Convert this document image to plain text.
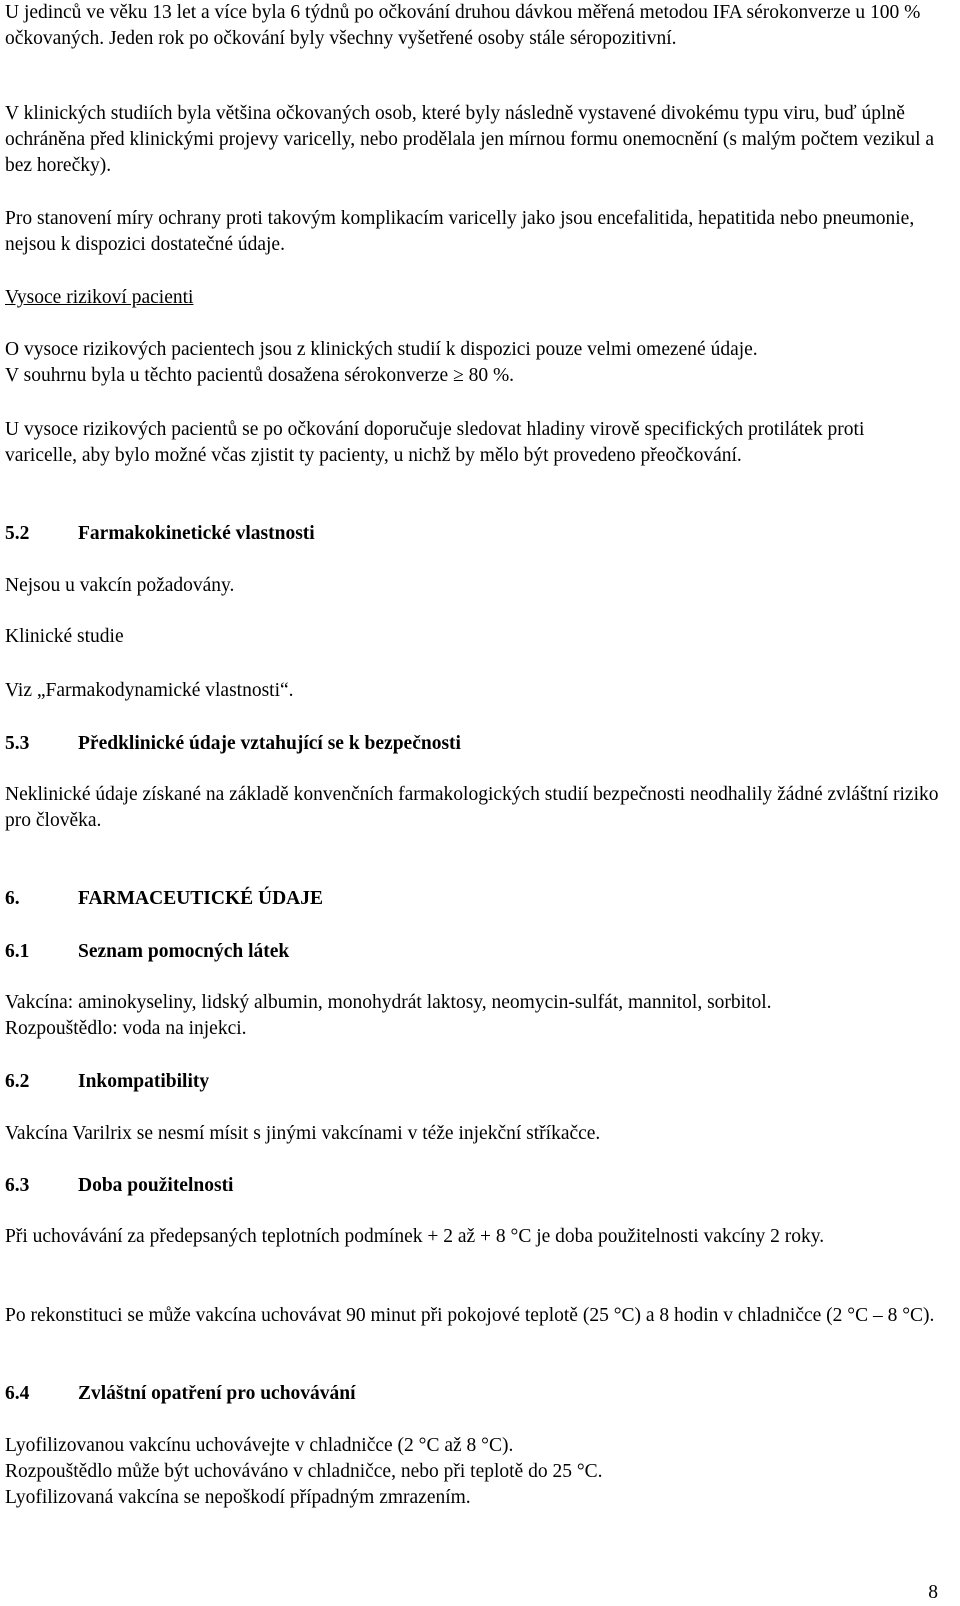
U jedinců ve věku 13 let a více byla 6 týdnů po očkování druhou dávkou měřená metodou IFA sérokonverze u 100 % očkovaných. Jeden rok po očkování byly všechny vyšetřené osoby stále séropozitivní.

V klinických studiích byla většina očkovaných osob, které byly následně vystavené divokému typu viru, buď úplně ochráněna před klinickými projevy varicelly, nebo prodělala jen mírnou formu onemocnění (s malým počtem vezikul a bez horečky).

Pro stanovení míry ochrany proti takovým komplikacím varicelly jako jsou encefalitida, hepatitida nebo pneumonie, nejsou k dispozici dostatečné údaje.

Vysoce rizikoví pacienti

O vysoce rizikových pacientech jsou z klinických studií k dispozici pouze velmi omezené údaje.

V souhrnu byla u těchto pacientů dosažena sérokonverze ≥ 80 %.

U vysoce rizikových pacientů se po očkování doporučuje sledovat hladiny virově specifických protilátek proti varicelle, aby bylo možné včas zjistit ty pacienty, u nichž by mělo být provedeno přeočkování.

5.2 Farmakokinetické vlastnosti

Nejsou u vakcín požadovány.

Klinické studie

Viz „Farmakodynamické vlastnosti“.

5.3 Předklinické údaje vztahující se k bezpečnosti

Neklinické údaje získané na základě konvenčních farmakologických studií bezpečnosti neodhalily žádné zvláštní riziko pro člověka.

6.	FARMACEUTICKÉ ÚDAJE
6.1 Seznam pomocných látek

Vakcína: aminokyseliny, lidský albumin, monohydrát laktosy, neomycin-sulfát, mannitol, sorbitol.

Rozpouštědlo: voda na injekci.

6.2 Inkompatibility

Vakcína Varilrix se nesmí mísit s jinými vakcínami v téže injekční stříkačce.

6.3 Doba použitelnosti

Při uchovávání za předepsaných teplotních podmínek + 2 až + 8 °C je doba použitelnosti vakcíny 2 roky.

Po rekonstituci se může vakcína uchovávat 90 minut při pokojové teplotě (25 °C) a 8 hodin v chladničce (2 °C – 8 °C).

6.4 Zvláštní opatření pro uchovávání

Lyofilizovanou vakcínu uchovávejte v chladničce (2 °C až 8 °C).

Rozpouštědlo může být uchováváno v chladničce, nebo při teplotě do 25 °C.

Lyofilizovaná vakcína se nepoškodí případným zmrazením.

8
